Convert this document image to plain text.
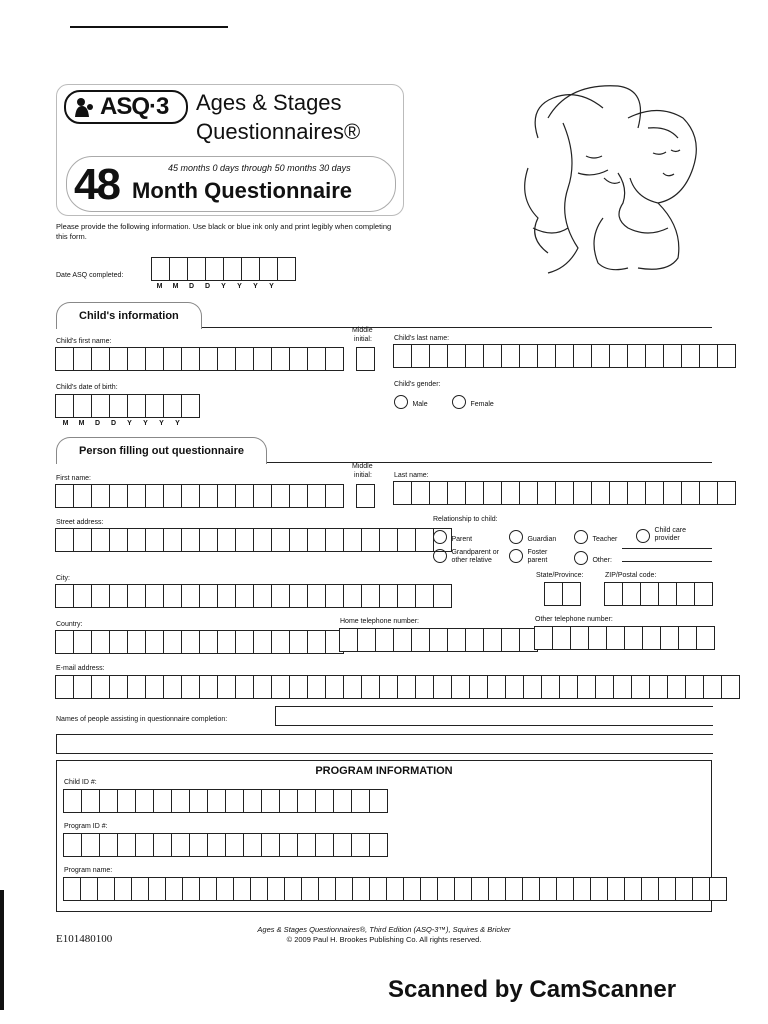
ASQ·3 Ages & Stages
Questionnaires®
45 months 0 days through 50 months 30 days
48 Month Questionnaire
Please provide the following information. Use black or blue ink only and print legibly when completing this form.
Date ASQ completed:
M	M	D	D	Y	Y	Y	Y
Child's information
Child's first name:
Middle
initial:	Child's last name:
Child's date of birth:
M	M	D	D	Y	Y	Y	Y
Child's gender:
Male	Female
Person filling out questionnaire
First name:
Middle
initial:	Last name:
Street address:	Relationship to child:
Parent	Guardian	Teacher
Child care provider
Grandparent or other relative
Foster parent	Other:
City:	State/Province:	ZIP/Postal code:
Country:	Home telephone number:	Other telephone number:
E-mail address:
Names of people assisting in questionnaire completion:
PROGRAM INFORMATION
Child ID #:
Program ID #:
Program name:
E101480100
Ages & Stages Questionnaires®, Third Edition (ASQ-3™), Squires & Bricker
© 2009 Paul H. Brookes Publishing Co. All rights reserved.
Scanned by CamScanner
